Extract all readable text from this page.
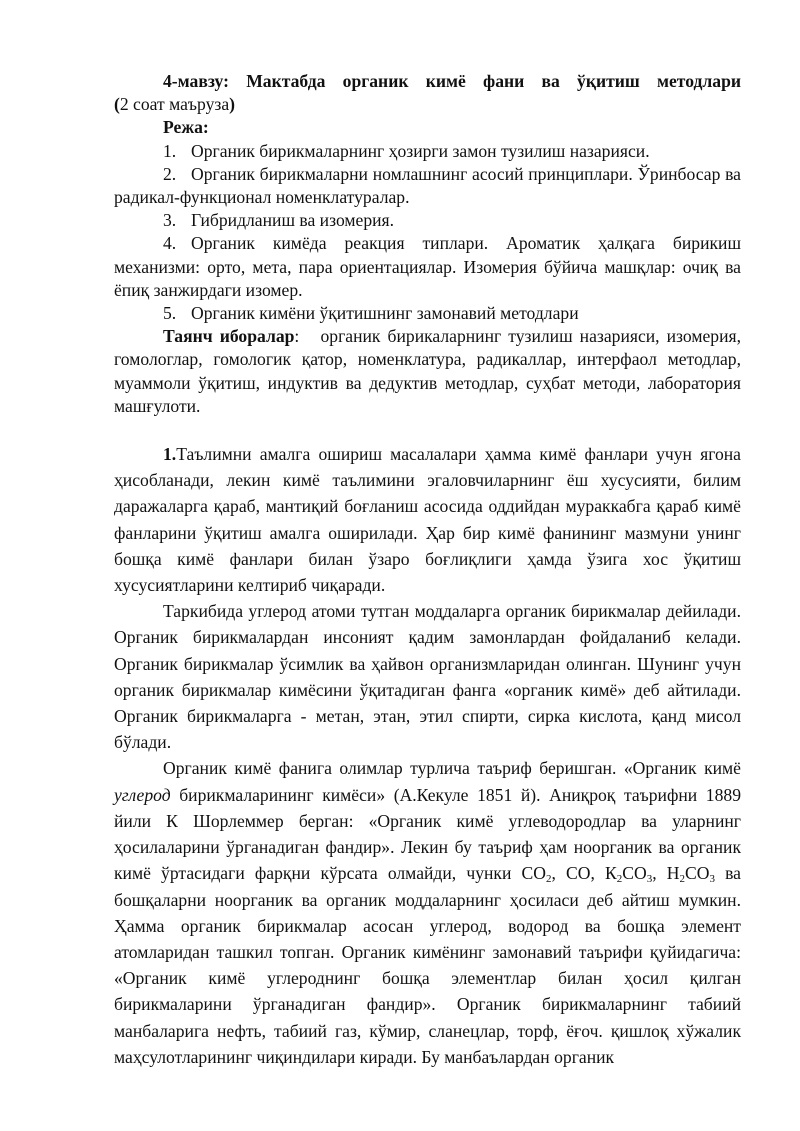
4-мавзу: Мактабда органик кимё фани ва ўқитиш методлари

(2 соат маъруза)

Режа:

1. Органик бирикмаларнинг ҳозирги замон тузилиш назарияси.

2. Органик бирикмаларни номлашнинг асосий принциплари. Ўринбосар ва радикал-функционал номенклатуралар.

3. Гибридланиш ва изомерия.

4. Органик кимёда реакция типлари. Ароматик ҳалқага бирикиш механизми: орто, мета, пара ориентациялар. Изомерия бўйича машқлар: очиқ ва ёпиқ занжирдаги изомер.

5. Органик кимёни ўқитишнинг замонавий методлари

Таянч иборалар: органик бирикаларнинг тузилиш назарияси, изомерия, гомологлар, гомологик қатор, номенклатура, радикаллар, интерфаол методлар, муаммоли ўқитиш, индуктив ва дедуктив методлар, суҳбат методи, лаборатория машғулоти.

1.Таълимни амалга ошириш масалалари ҳамма кимё фанлари учун ягона ҳисобланади, лекин кимё таълимини эгаловчиларнинг ёш хусусияти, билим даражаларга қараб, мантиқий боғланиш асосида оддийдан мураккабга қараб кимё фанларини ўқитиш амалга оширилади. Ҳар бир кимё фанининг мазмуни унинг бошқа кимё фанлари билан ўзаро боғлиқлиги ҳамда ўзига хос ўқитиш хусусиятларини келтириб чиқаради.

Таркибида углерод атоми тутган моддаларга органик бирикмалар дейилади. Органик бирикмалардан инсоният қадим замонлардан фойдаланиб келади. Органик бирикмалар ўсимлик ва ҳайвон организмларидан олинган. Шунинг учун органик бирикмалар кимёсини ўқитадиган фанга «органик кимё» деб айтилади. Органик бирикмаларга - метан, этан, этил спирти, сирка кислота, қанд мисол бўлади.

Органик кимё фанига олимлар турлича таъриф беришган. «Органик кимё углерод бирикмаларининг кимёси» (А.Кекуле 1851 й). Аниқроқ таърифни 1889 йили К Шорлеммер берган: «Органик кимё углеводородлар ва уларнинг ҳосилаларини ўрганадиган фандир». Лекин бу таъриф ҳам ноорганик ва органик кимё ўртасидаги фарқни кўрсата олмайди, чунки $СО_2$, СО, $К_2СО_3$, $Н_2СО_3$ ва бошқаларни ноорганик ва органик моддаларнинг ҳосиласи деб айтиш мумкин. Ҳамма органик бирикмалар асосан углерод, водород ва бошқа элемент атомларидан ташкил топган. Органик кимёнинг замонавий таърифи қуйидагича: «Органик кимё углероднинг бошқа элементлар билан ҳосил қилган бирикмаларини ўрганадиган фандир». Органик бирикмаларнинг табиий манбаларига нефть, табиий газ, кўмир, сланецлар, торф, ёғоч. қишлоқ хўжалик маҳсулотларининг чиқиндилари киради. Бу манбаълардан органик
